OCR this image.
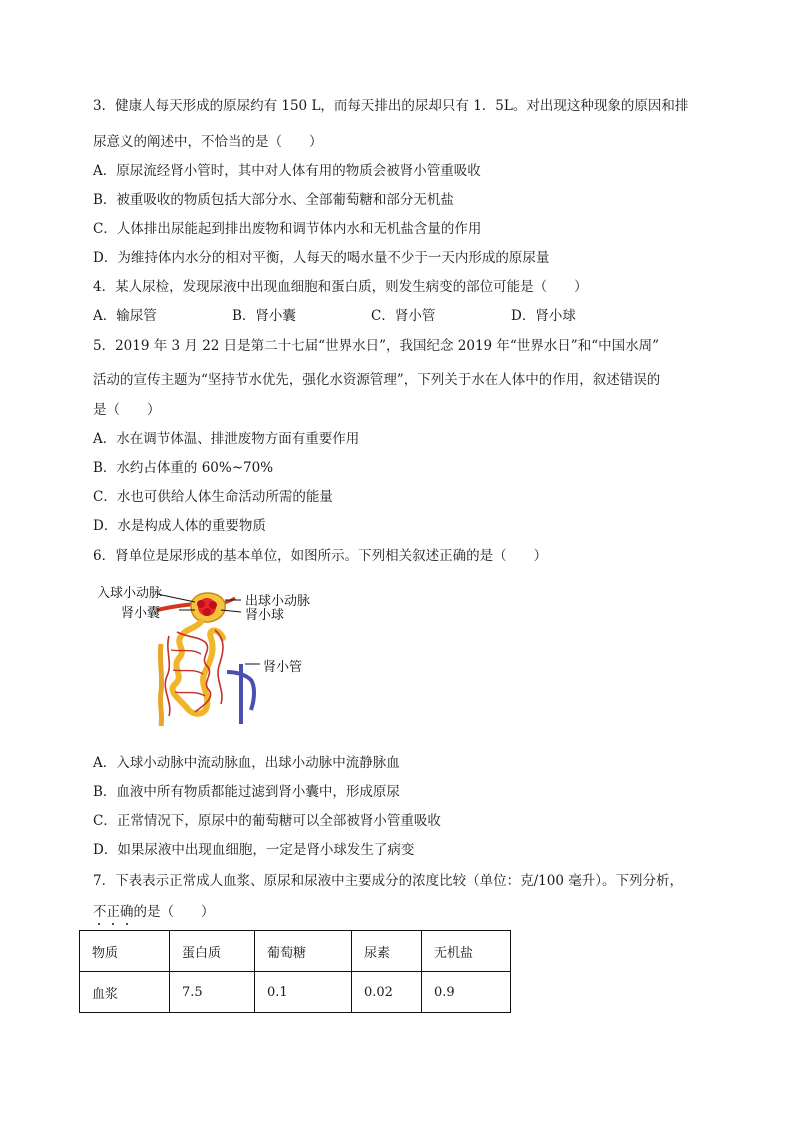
3．健康人每天形成的原尿约有 150 L，而每天排出的尿却只有 1．5L。对出现这种现象的原因和排
尿意义的阐述中，不恰当的是（　　）
A．原尿流经肾小管时，其中对人体有用的物质会被肾小管重吸收
B．被重吸收的物质包括大部分水、全部葡萄糖和部分无机盐
C．人体排出尿能起到排出废物和调节体内水和无机盐含量的作用
D．为维持体内水分的相对平衡，人每天的喝水量不少于一天内形成的原尿量
4．某人尿检，发现尿液中出现血细胞和蛋白质，则发生病变的部位可能是（　　）
A．输尿管	B．肾小囊	C．肾小管	D．肾小球
5．2019 年 3 月 22 日是第二十七届“世界水日”，我国纪念 2019 年“世界水日”和“中国水周”
活动的宣传主题为“坚持节水优先，强化水资源管理”，下列关于水在人体中的作用，叙述错误的
是（　　）
A．水在调节体温、排泄废物方面有重要作用
B．水约占体重的 60%~70%
C．水也可供给人体生命活动所需的能量
D．水是构成人体的重要物质
6．肾单位是尿形成的基本单位，如图所示。下列相关叙述正确的是（　　）
入球小动脉
肾小囊
出球小动脉
肾小球
肾小管
A．入球小动脉中流动脉血，出球小动脉中流静脉血
B．血液中所有物质都能过滤到肾小囊中，形成原尿
C．正常情况下，原尿中的葡萄糖可以全部被肾小管重吸收
D．如果尿液中出现血细胞，一定是肾小球发生了病变
7．下表表示正常成人血浆、原尿和尿液中主要成分的浓度比较（单位：克/100 毫升）。下列分析，
不正确的是（　　）
物质	蛋白质	葡萄糖	尿素	无机盐
血浆	7.5	0.1	0.02	0.9
